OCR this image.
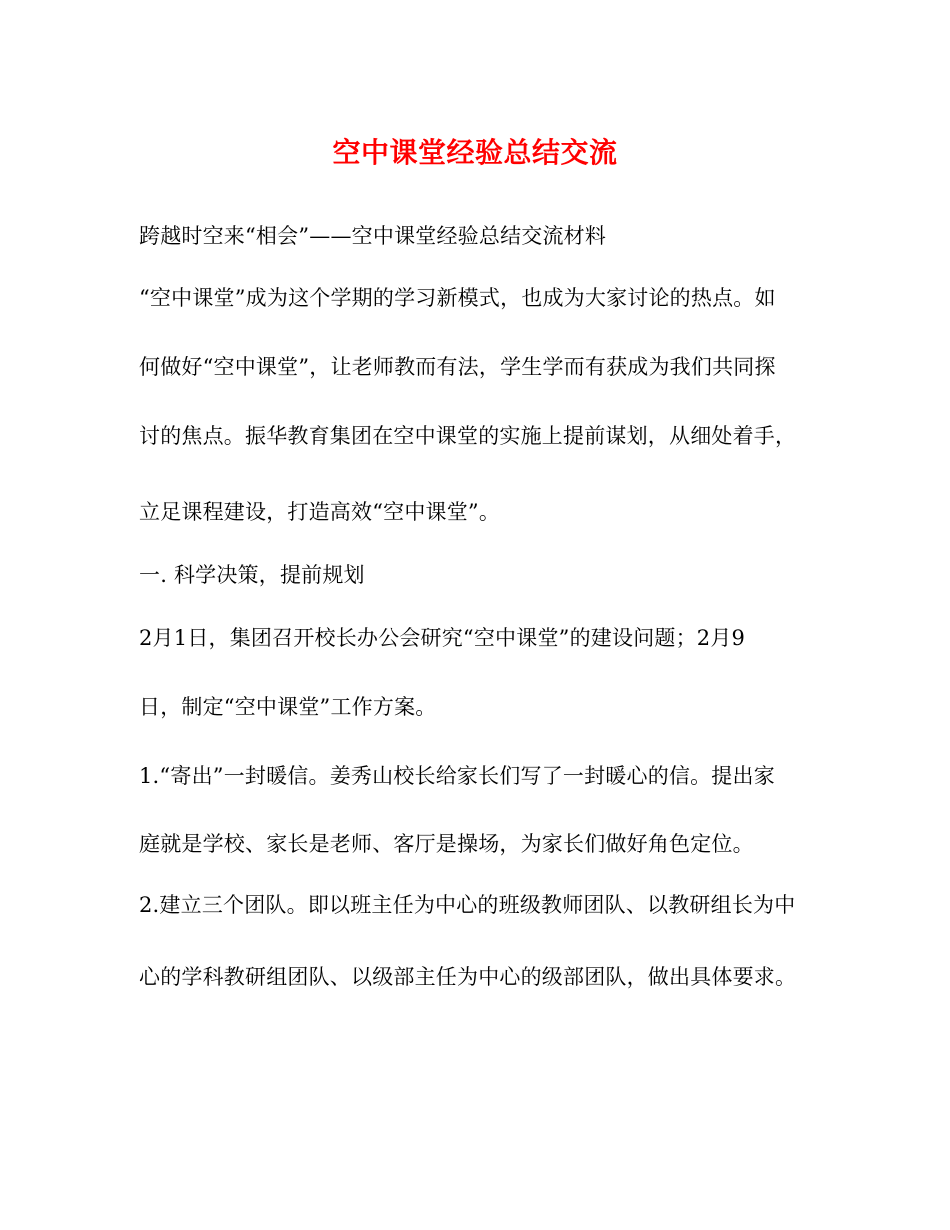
空中课堂经验总结交流

跨越时空来“相会”——空中课堂经验总结交流材料

“空中课堂”成为这个学期的学习新模式，也成为大家讨论的热点。如

何做好“空中课堂”，让老师教而有法，学生学而有获成为我们共同探

讨的焦点。振华教育集团在空中课堂的实施上提前谋划，从细处着手，

立足课程建设，打造高效“空中课堂”。

一. 科学决策，提前规划

2月1日，集团召开校长办公会研究“空中课堂”的建设问题；2月9

日，制定“空中课堂”工作方案。

1.“寄出”一封暖信。姜秀山校长给家长们写了一封暖心的信。提出家

庭就是学校、家长是老师、客厅是操场，为家长们做好角色定位。

2.建立三个团队。即以班主任为中心的班级教师团队、以教研组长为中

心的学科教研组团队、以级部主任为中心的级部团队，做出具体要求。
